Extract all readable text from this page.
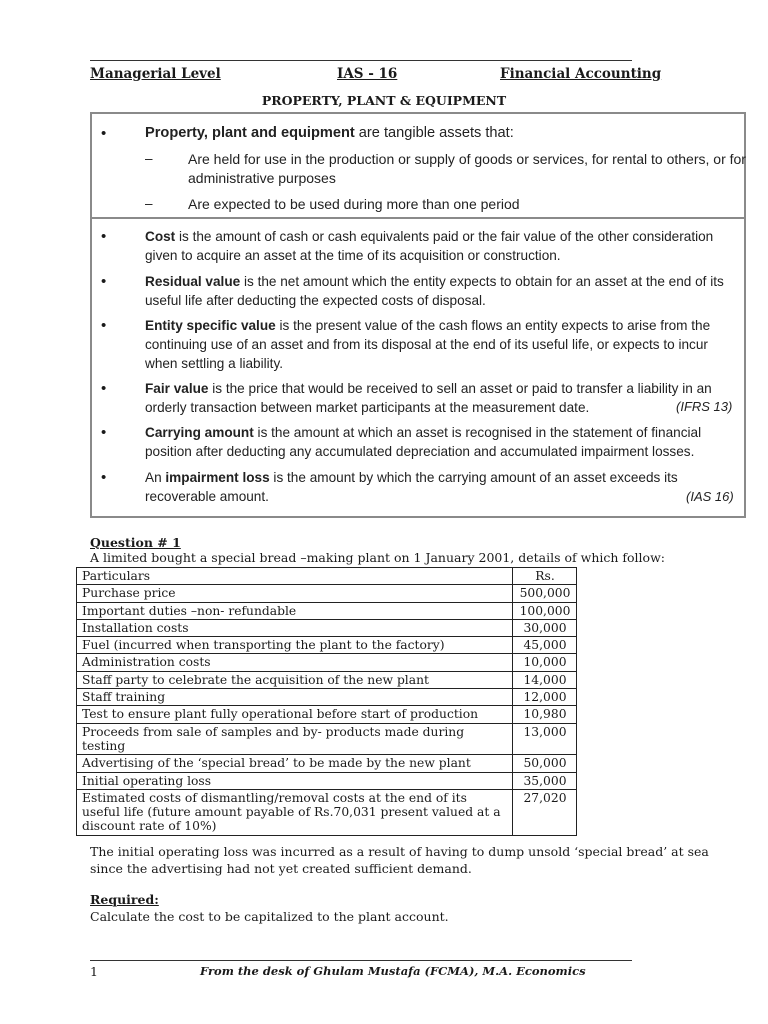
Managerial Level	IAS - 16	Financial Accounting
PROPERTY, PLANT & EQUIPMENT
•	Property, plant and equipment are tangible assets that:
–	Are held for use in the production or supply of goods or services, for rental to others, or for
administrative purposes
–	Are expected to be used during more than one period
•	Cost is the amount of cash or cash equivalents paid or the fair value of the other consideration
given to acquire an asset at the time of its acquisition or construction.
•	Residual value is the net amount which the entity expects to obtain for an asset at the end of its
useful life after deducting the expected costs of disposal.
•	Entity specific value is the present value of the cash flows an entity expects to arise from the
continuing use of an asset and from its disposal at the end of its useful life, or expects to incur
when settling a liability.
•	Fair value is the price that would be received to sell an asset or paid to transfer a liability in an
orderly transaction between market participants at the measurement date.	(IFRS 13)
•	Carrying amount is the amount at which an asset is recognised in the statement of financial
position after deducting any accumulated depreciation and accumulated impairment losses.
•	An impairment loss is the amount by which the carrying amount of an asset exceeds its
recoverable amount.	(IAS 16)
Question # 1
A limited bought a special bread –making plant on 1 January 2001, details of which follow:
Particulars	Rs.
Purchase price	500,000
Important duties –non- refundable	100,000
Installation costs	30,000
Fuel (incurred when transporting the plant to the factory)	45,000
Administration costs	10,000
Staff party to celebrate the acquisition of the new plant	14,000
Staff training	12,000
Test to ensure plant fully operational before start of production	10,980
Proceeds from sale of samples and by- products made during testing	13,000
Advertising of the ‘special bread’ to be made by the new plant	50,000
Initial operating loss	35,000
Estimated costs of dismantling/removal costs at the end of its useful life (future amount payable of Rs.70,031 present valued at a discount rate of 10%)	27,020
The initial operating loss was incurred as a result of having to dump unsold ‘special bread’ at sea
since the advertising had not yet created sufficient demand.
Required:
Calculate the cost to be capitalized to the plant account.
1	From the desk of Ghulam Mustafa (FCMA), M.A. Economics
